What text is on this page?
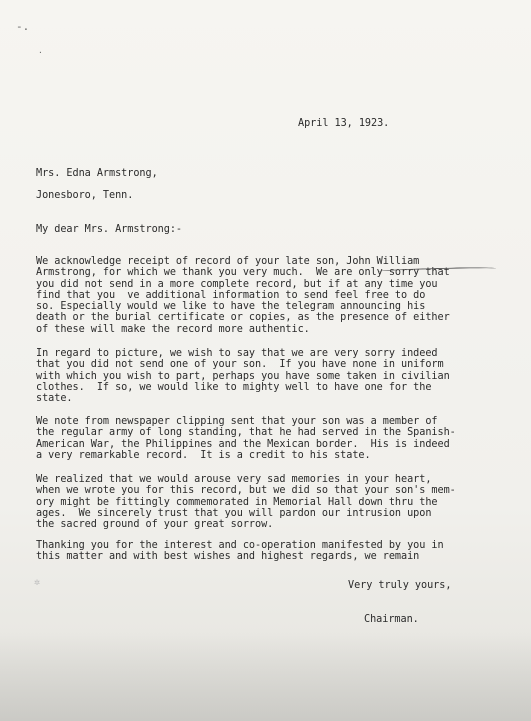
-.
.

April 13, 1923.

Mrs. Edna Armstrong,

Jonesboro, Tenn.

My dear Mrs. Armstrong:-

We acknowledge receipt of record of your late son, John William
Armstrong, for which we thank you very much.  We are only sorry that
you did not send in a more complete record, but if at any time you
find that you  ve additional information to send feel free to do
so. Especially would we like to have the telegram announcing his
death or the burial certificate or copies, as the presence of either
of these will make the record more authentic.

In regard to picture, we wish to say that we are very sorry indeed
that you did not send one of your son.  If you have none in uniform
with which you wish to part, perhaps you have some taken in civilian
clothes.  If so, we would like to mighty well to have one for the
state.

We note from newspaper clipping sent that your son was a member of
the regular army of long standing, that he had served in the Spanish-
American War, the Philippines and the Mexican border.  His is indeed
a very remarkable record.  It is a credit to his state.

We realized that we would arouse very sad memories in your heart,
when we wrote you for this record, but we did so that your son's mem-
ory might be fittingly commemorated in Memorial Hall down thru the
ages.  We sincerely trust that you will pardon our intrusion upon
the sacred ground of your great sorrow.

Thanking you for the interest and co-operation manifested by you in
this matter and with best wishes and highest regards, we remain

✲	Very truly yours,

Chairman.
